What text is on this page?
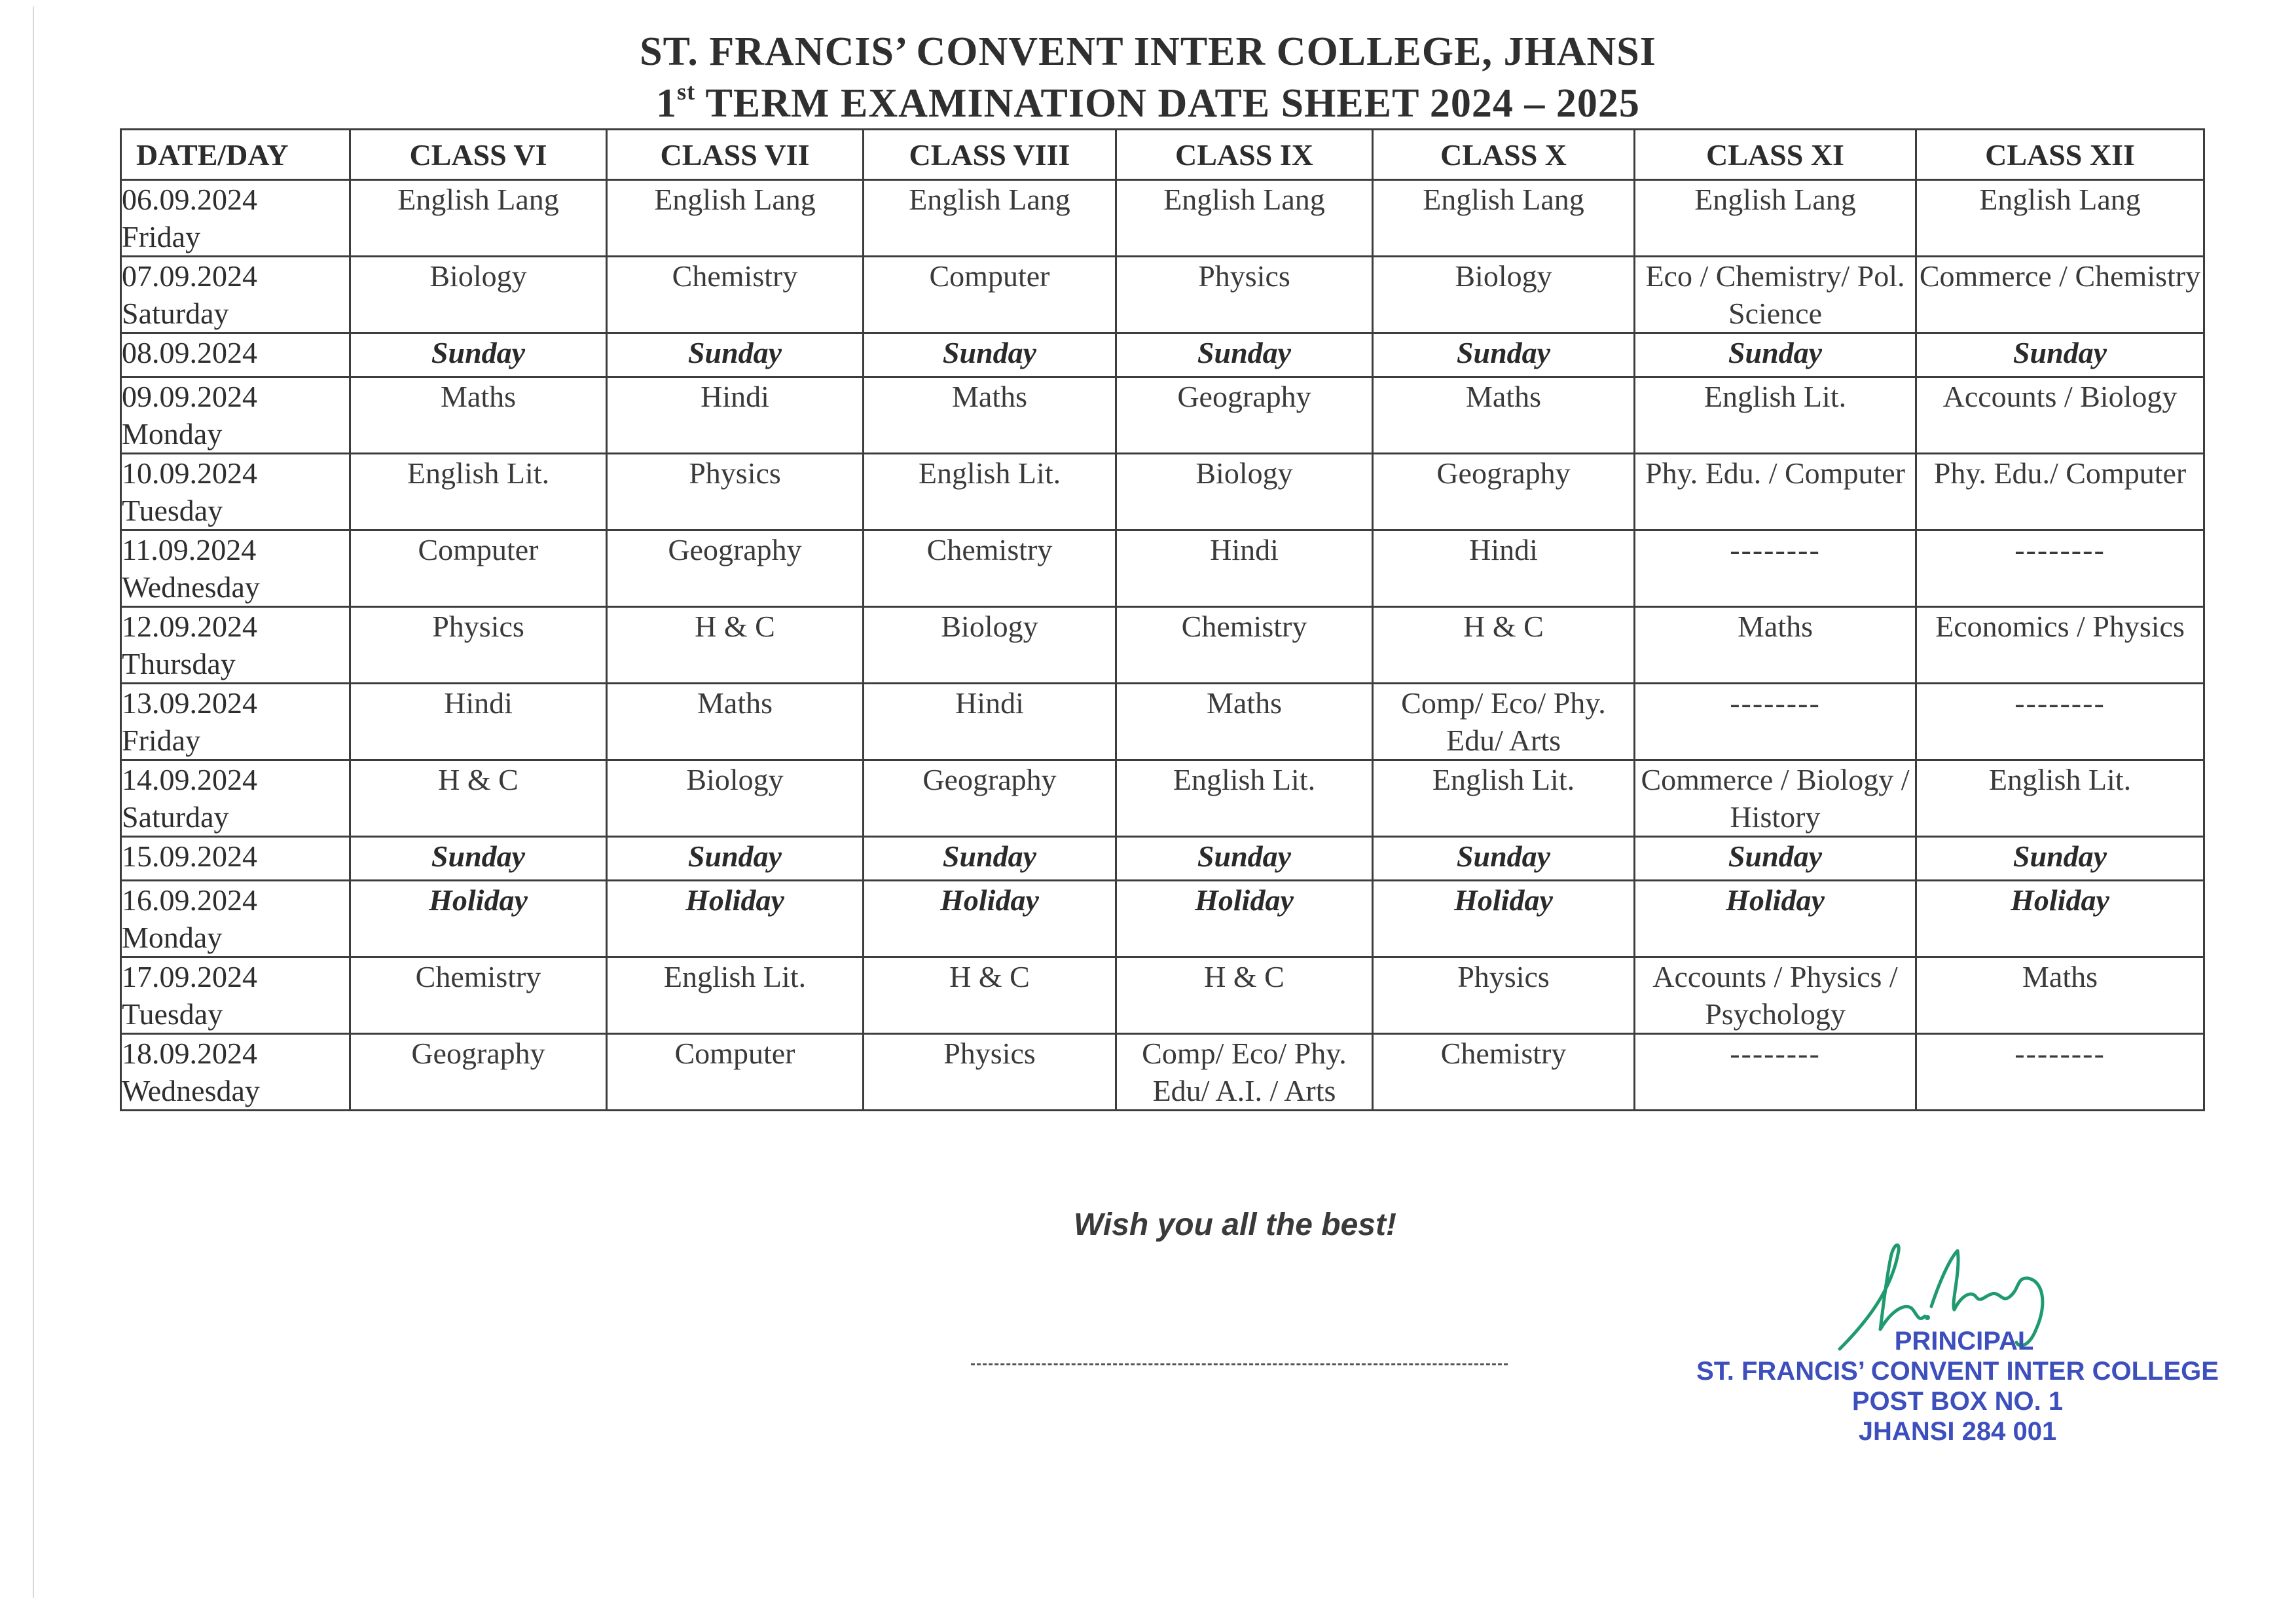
ST. FRANCIS’ CONVENT INTER COLLEGE, JHANSI
1st TERM EXAMINATION DATE SHEET 2024 – 2025
DATE/DAY	CLASS VI	CLASS VII	CLASS VIII	CLASS IX	CLASS X	CLASS XI	CLASS XII

06.09.2024
Friday	English Lang	English Lang	English Lang	English Lang	English Lang	English Lang	English Lang

07.09.2024
Saturday	Biology	Chemistry	Computer	Physics	Biology	Eco / Chemistry/ Pol. Science	Commerce / Chemistry

08.09.2024	Sunday	Sunday	Sunday	Sunday	Sunday	Sunday	Sunday

09.09.2024
Monday	Maths	Hindi	Maths	Geography	Maths	English Lit.	Accounts / Biology

10.09.2024
Tuesday	English Lit.	Physics	English Lit.	Biology	Geography	Phy. Edu. / Computer	Phy. Edu./ Computer

11.09.2024
Wednesday	Computer	Geography	Chemistry	Hindi	Hindi	--------	--------

12.09.2024
Thursday	Physics	H & C	Biology	Chemistry	H & C	Maths	Economics / Physics

13.09.2024
Friday	Hindi	Maths	Hindi	Maths	Comp/ Eco/ Phy. Edu/ Arts	--------	--------

14.09.2024
Saturday	H & C	Biology	Geography	English Lit.	English Lit.	Commerce / Biology / History	English Lit.

15.09.2024	Sunday	Sunday	Sunday	Sunday	Sunday	Sunday	Sunday

16.09.2024
Monday	Holiday	Holiday	Holiday	Holiday	Holiday	Holiday	Holiday

17.09.2024
Tuesday	Chemistry	English Lit.	H & C	H & C	Physics	Accounts / Physics / Psychology	Maths

18.09.2024
Wednesday	Geography	Computer	Physics	Comp/ Eco/ Phy. Edu/ A.I. / Arts	Chemistry	--------	--------
Wish you all the best!
PRINCIPAL
ST. FRANCIS’ CONVENT INTER COLLEGE
POST BOX NO. 1
JHANSI 284 001
